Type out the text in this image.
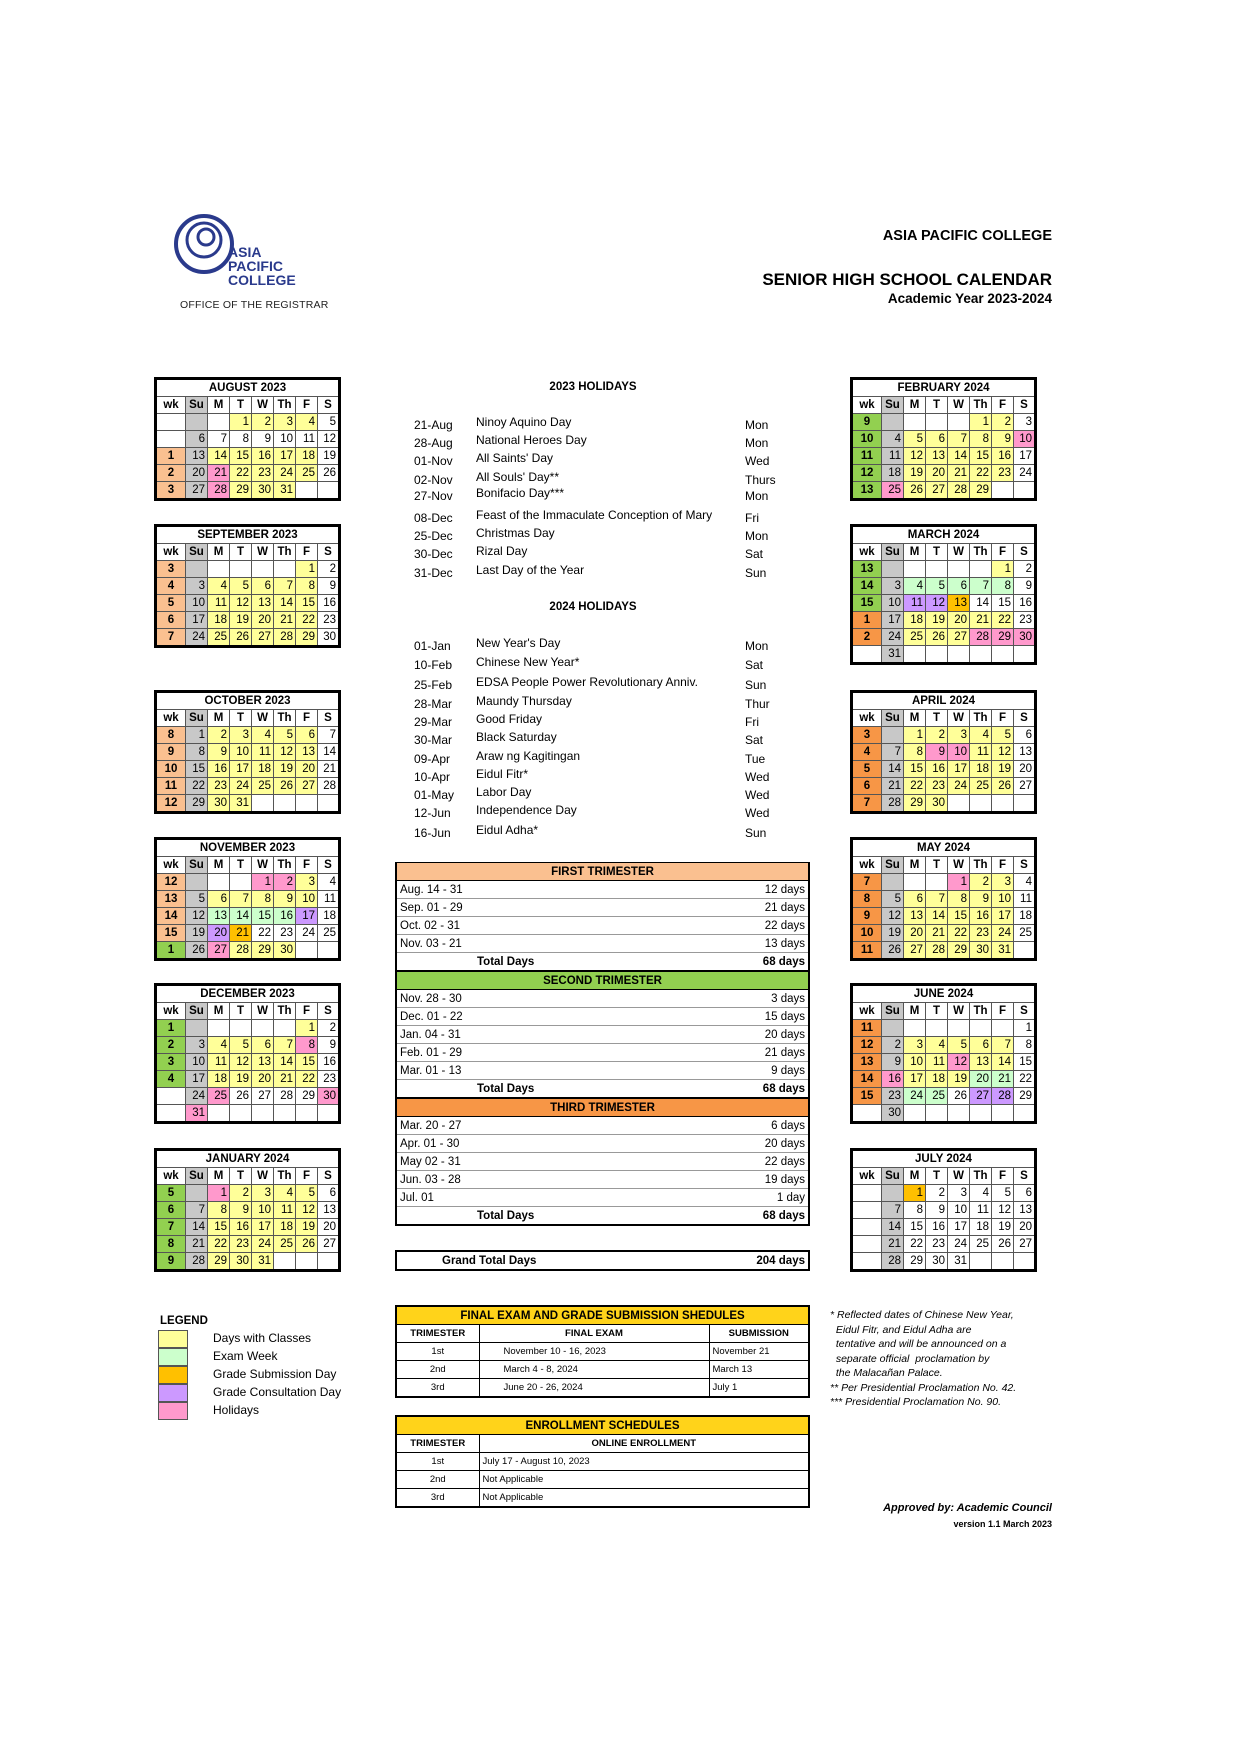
ASIA
PACIFIC
COLLEGE
OFFICE OF THE REGISTRAR
ASIA PACIFIC COLLEGE
SENIOR HIGH SCHOOL CALENDAR
Academic Year 2023-2024
AUGUST 2023							
wk	Su	M	T	W	Th	F	S
			1	2	3	4	5
	6	7	8	9	10	11	12
1	13	14	15	16	17	18	19
2	20	21	22	23	24	25	26
3	27	28	29	30	31		
SEPTEMBER 2023							
wk	Su	M	T	W	Th	F	S
3						1	2
4	3	4	5	6	7	8	9
5	10	11	12	13	14	15	16
6	17	18	19	20	21	22	23
7	24	25	26	27	28	29	30
OCTOBER 2023							
wk	Su	M	T	W	Th	F	S
8	1	2	3	4	5	6	7
9	8	9	10	11	12	13	14
10	15	16	17	18	19	20	21
11	22	23	24	25	26	27	28
12	29	30	31				
NOVEMBER 2023							
wk	Su	M	T	W	Th	F	S
12				1	2	3	4
13	5	6	7	8	9	10	11
14	12	13	14	15	16	17	18
15	19	20	21	22	23	24	25
1	26	27	28	29	30		
DECEMBER 2023							
wk	Su	M	T	W	Th	F	S
1						1	2
2	3	4	5	6	7	8	9
3	10	11	12	13	14	15	16
4	17	18	19	20	21	22	23
	24	25	26	27	28	29	30
	31						
JANUARY 2024							
wk	Su	M	T	W	Th	F	S
5		1	2	3	4	5	6
6	7	8	9	10	11	12	13
7	14	15	16	17	18	19	20
8	21	22	23	24	25	26	27
9	28	29	30	31			
FEBRUARY 2024							
wk	Su	M	T	W	Th	F	S
9					1	2	3
10	4	5	6	7	8	9	10
11	11	12	13	14	15	16	17
12	18	19	20	21	22	23	24
13	25	26	27	28	29		
MARCH 2024							
wk	Su	M	T	W	Th	F	S
13						1	2
14	3	4	5	6	7	8	9
15	10	11	12	13	14	15	16
1	17	18	19	20	21	22	23
2	24	25	26	27	28	29	30
	31						
APRIL 2024							
wk	Su	M	T	W	Th	F	S
3		1	2	3	4	5	6
4	7	8	9	10	11	12	13
5	14	15	16	17	18	19	20
6	21	22	23	24	25	26	27
7	28	29	30				
MAY 2024							
wk	Su	M	T	W	Th	F	S
7				1	2	3	4
8	5	6	7	8	9	10	11
9	12	13	14	15	16	17	18
10	19	20	21	22	23	24	25
11	26	27	28	29	30	31	
JUNE 2024							
wk	Su	M	T	W	Th	F	S
11							1
12	2	3	4	5	6	7	8
13	9	10	11	12	13	14	15
14	16	17	18	19	20	21	22
15	23	24	25	26	27	28	29
	30						
JULY 2024							
wk	Su	M	T	W	Th	F	S
		1	2	3	4	5	6
	7	8	9	10	11	12	13
	14	15	16	17	18	19	20
	21	22	23	24	25	26	27
	28	29	30	31			
2023 HOLIDAYS
2024 HOLIDAYS
21-Aug Ninoy Aquino Day	Mon
28-Aug National Heroes Day	Mon
01-Nov All Saints' Day	Wed
02-Nov All Souls' Day**	Thurs
27-Nov Bonifacio Day***	Mon
08-Dec Feast of the Immaculate Conception of Mary	Fri
25-Dec Christmas Day	Mon
30-Dec Rizal Day	Sat
31-Dec Last Day of the Year	Sun
01-Jan New Year's Day	Mon
10-Feb Chinese New Year*	Sat
25-Feb EDSA People Power Revolutionary Anniv.	Sun
28-Mar Maundy Thursday	Thur
29-Mar Good Friday	Fri
30-Mar Black Saturday	Sat
09-Apr Araw ng Kagitingan	Tue
10-Apr Eidul Fitr*	Wed
01-May Labor Day	Wed
12-Jun Independence Day	Wed
16-Jun Eidul Adha*	Sun
FIRST TRIMESTER	
Aug. 14 - 31	12 days
Sep. 01 - 29	21 days
Oct. 02 - 31	22 days
Nov. 03 - 21	13 days
Total Days	68 days
SECOND TRIMESTER	
Nov. 28 - 30	3 days
Dec. 01 - 22	15 days
Jan. 04 - 31	20 days
Feb. 01 - 29	21 days
Mar. 01 - 13	9 days
Total Days	68 days
THIRD TRIMESTER	
Mar. 20 - 27	6 days
Apr. 01 - 30	20 days
May 02 - 31	22 days
Jun. 03 - 28	19 days
Jul. 01	1 day
Total Days	68 days
Grand Total Days	204 days
FINAL EXAM AND GRADE SUBMISSION SHEDULES		
TRIMESTER	FINAL EXAM	SUBMISSION
1st	November 10 - 16, 2023	November 21
2nd	March 4 - 8, 2024	March 13
3rd	June 20 - 26, 2024	July 1
ENROLLMENT SCHEDULES	
TRIMESTER	ONLINE ENROLLMENT
1st	July 17 - August 10, 2023
2nd	Not Applicable
3rd	Not Applicable
LEGEND
Days with Classes
Exam Week
Grade Submission Day
Grade Consultation Day
Holidays
* Reflected dates of Chinese New Year,
Eidul Fitr, and Eidul Adha are
tentative and will be announced on a
separate official  proclamation by
the Malacañan Palace.
** Per Presidential Proclamation No. 42.
*** Presidential Proclamation No. 90.
Approved by: Academic Council
version 1.1 March 2023
